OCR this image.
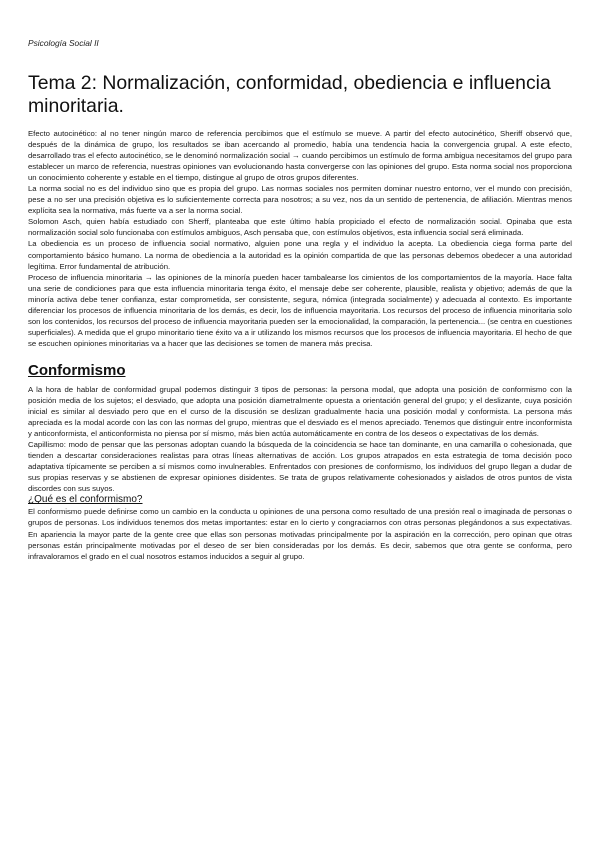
Psicología Social II
Tema 2: Normalización, conformidad, obediencia e influencia minoritaria.

Efecto autocinético: al no tener ningún marco de referencia percibimos que el estímulo se mueve. A partir del efecto autocinético, Sheriff observó que, después de la dinámica de grupo, los resultados se iban acercando al promedio, había una tendencia hacia la convergencia grupal. A este efecto, desarrollado tras el efecto autocinético, se le denominó normalización social → cuando percibimos un estímulo de forma ambigua necesitamos del grupo para establecer un marco de referencia, nuestras opiniones van evolucionando hasta convergerse con las opiniones del grupo. Esta norma social nos proporciona un conocimiento coherente y estable en el tiempo, distingue al grupo de otros grupos diferentes.

La norma social no es del individuo sino que es propia del grupo. Las normas sociales nos permiten dominar nuestro entorno, ver el mundo con precisión, pese a no ser una precisión objetiva es lo suficientemente correcta para nosotros; a su vez, nos da un sentido de pertenencia, de afiliación. Mientras menos explícita sea la normativa, más fuerte va a ser la norma social.

Solomon Asch, quien había estudiado con Sherff, planteaba que este último había propiciado el efecto de normalización social. Opinaba que esta normalización social solo funcionaba con estímulos ambiguos, Asch pensaba que, con estímulos objetivos, esta influencia social será eliminada.

La obediencia es un proceso de influencia social normativo, alguien pone una regla y el individuo la acepta. La obediencia ciega forma parte del comportamiento básico humano. La norma de obediencia a la autoridad es la opinión compartida de que las personas debemos obedecer a una autoridad legítima. Error fundamental de atribución.

Proceso de influencia minoritaria → las opiniones de la minoría pueden hacer tambalearse los cimientos de los comportamientos de la mayoría. Hace falta una serie de condiciones para que esta influencia minoritaria tenga éxito, el mensaje debe ser coherente, plausible, realista y objetivo; además de que la minoría activa debe tener confianza, estar comprometida, ser consistente, segura, nómica (integrada socialmente) y adecuada al contexto. Es importante diferenciar los procesos de influencia minoritaria de los demás, es decir, los de influencia mayoritaria. Los recursos del proceso de influencia minoritaria solo son los contenidos, los recursos del proceso de influencia mayoritaria pueden ser la emocionalidad, la comparación, la pertenencia... (se centra en cuestiones superficiales). A medida que el grupo minoritario tiene éxito va a ir utilizando los mismos recursos que los procesos de influencia mayoritaria. El hecho de que se escuchen opiniones minoritarias va a hacer que las decisiones se tomen de manera más precisa.

Conformismo

A la hora de hablar de conformidad grupal podemos distinguir 3 tipos de personas: la persona modal, que adopta una posición de conformismo con la posición media de los sujetos; el desviado, que adopta una posición diametralmente opuesta a orientación general del grupo; y el deslizante, cuya posición inicial es similar al desviado pero que en el curso de la discusión se deslizan gradualmente hacia una posición modal y conformista. La persona más apreciada es la modal acorde con las con las normas del grupo, mientras que el desviado es el menos apreciado. Tenemos que distinguir entre inconformista y anticonformista, el anticonformista no piensa por sí mismo, más bien actúa automáticamente en contra de los deseos o expectativas de los demás.

Capillismo: modo de pensar que las personas adoptan cuando la búsqueda de la coincidencia se hace tan dominante, en una camarilla o cohesionada, que tienden a descartar consideraciones realistas para otras líneas alternativas de acción. Los grupos atrapados en esta estrategia de toma decisión poco adaptativa típicamente se perciben a sí mismos como invulnerables. Enfrentados con presiones de conformismo, los individuos del grupo llegan a dudar de sus propias reservas y se abstienen de expresar opiniones disidentes. Se trata de grupos relativamente cohesionados y aislados de otros puntos de vista discordes con sus suyos.

¿Qué es el conformismo?

El conformismo puede definirse como un cambio en la conducta u opiniones de una persona como resultado de una presión real o imaginada de personas o grupos de personas. Los individuos tenemos dos metas importantes: estar en lo cierto y congraciarnos con otras personas plegándonos a sus expectativas. En apariencia la mayor parte de la gente cree que ellas son personas motivadas principalmente por la aspiración en la corrección, pero opinan que otras personas están principalmente motivadas por el deseo de ser bien consideradas por los demás. Es decir, sabemos que otra gente se conforma, pero infravaloramos el grado en el cual nosotros estamos inducidos a seguir al grupo.
